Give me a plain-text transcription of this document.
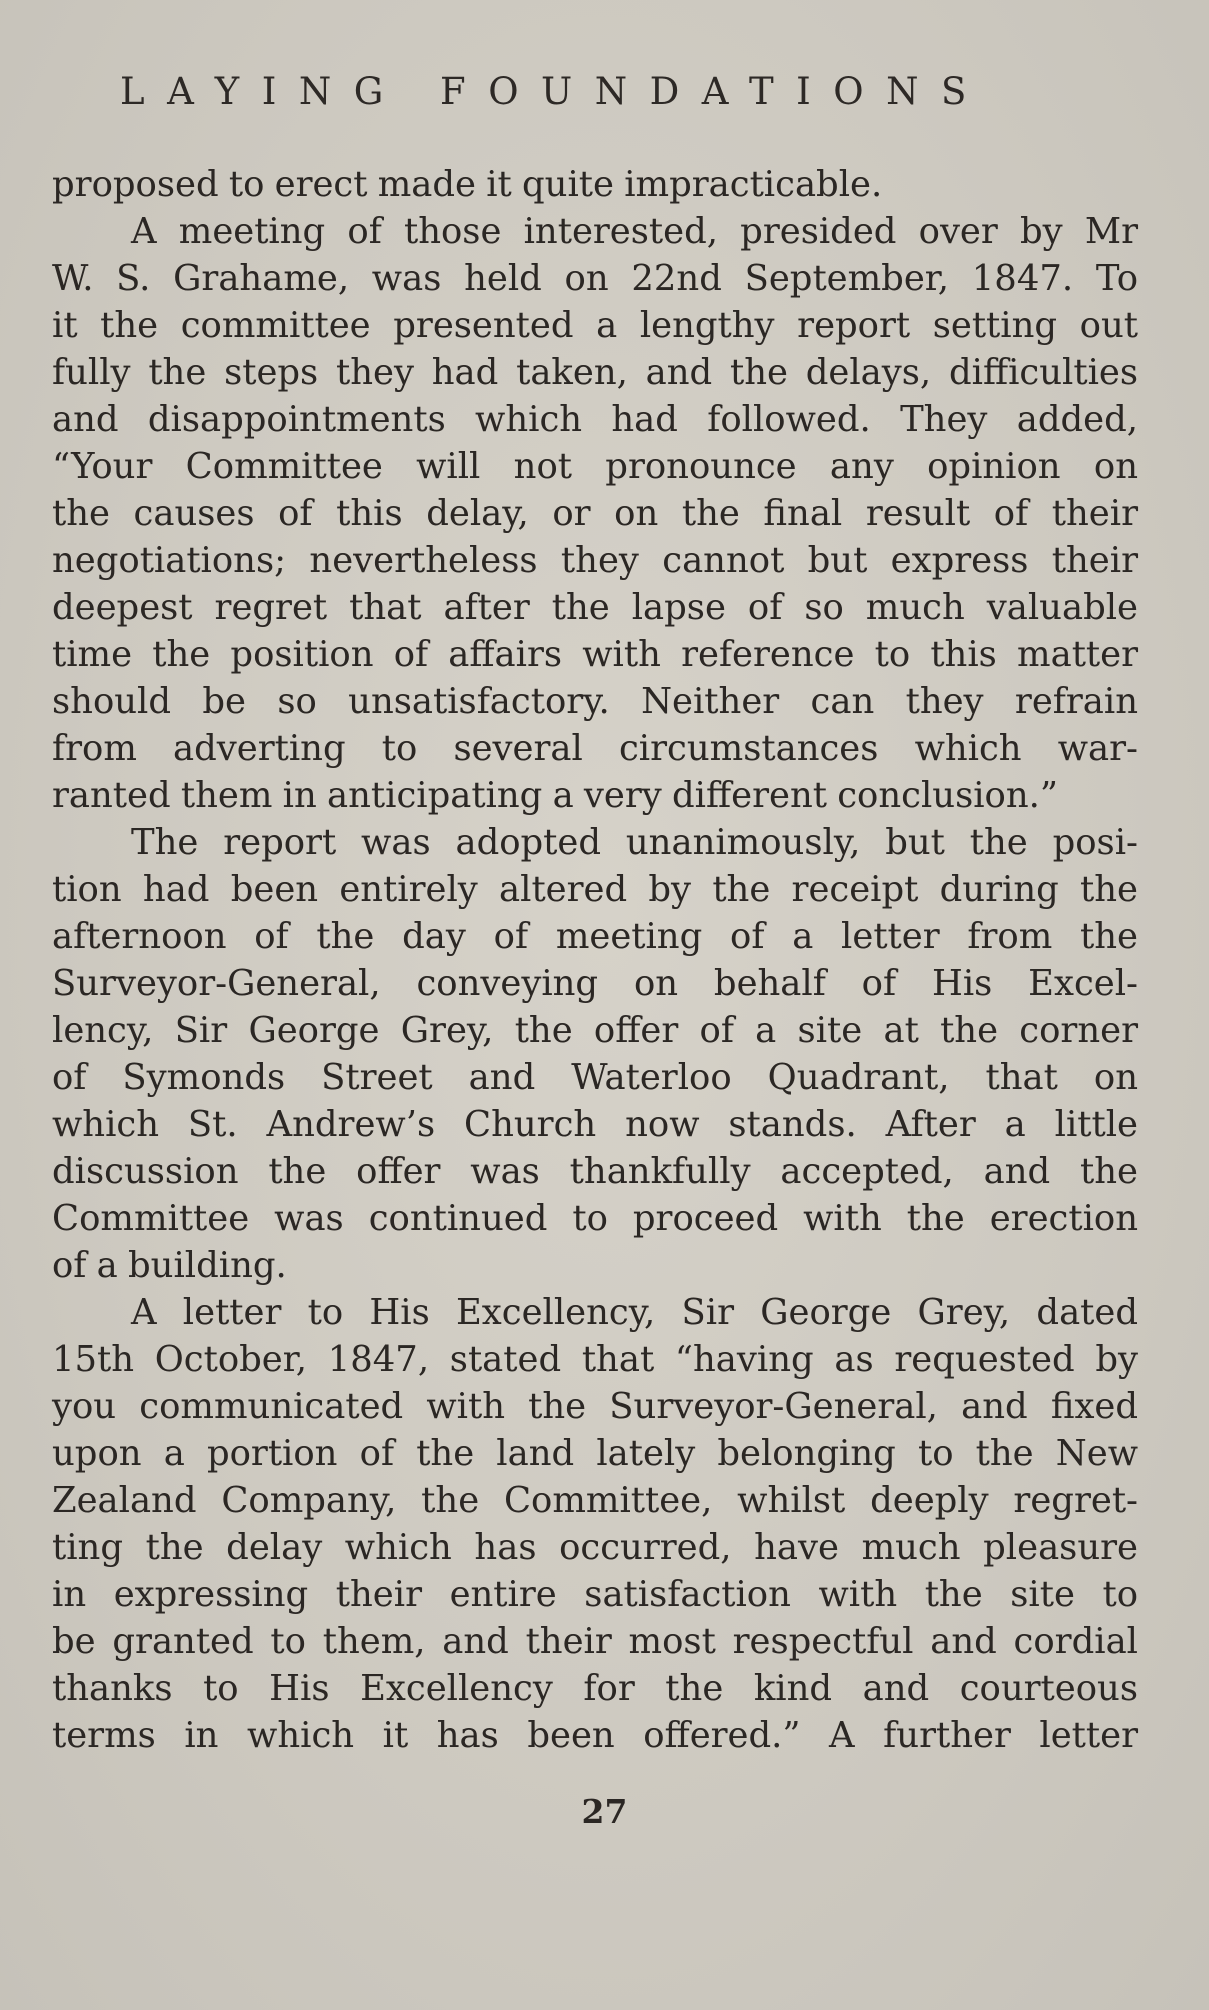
LAYING FOUNDATIONS
proposed to erect made it quite impracticable.
A meeting of those interested, presided over by Mr
W. S. Grahame, was held on 22nd September, 1847. To
it the committee presented a lengthy report setting out
fully the steps they had taken, and the delays, difficulties
and disappointments which had followed. They added,
“Your Committee will not pronounce any opinion on
the causes of this delay, or on the final result of their
negotiations; nevertheless they cannot but express their
deepest regret that after the lapse of so much valuable
time the position of affairs with reference to this matter
should be so unsatisfactory. Neither can they refrain
from adverting to several circumstances which war-
ranted them in anticipating a very different conclusion.”
The report was adopted unanimously, but the posi-
tion had been entirely altered by the receipt during the
afternoon of the day of meeting of a letter from the
Surveyor-General, conveying on behalf of His Excel-
lency, Sir George Grey, the offer of a site at the corner
of Symonds Street and Waterloo Quadrant, that on
which St. Andrew’s Church now stands. After a little
discussion the offer was thankfully accepted, and the
Committee was continued to proceed with the erection
of a building.
A letter to His Excellency, Sir George Grey, dated
15th October, 1847, stated that “having as requested by
you communicated with the Surveyor-General, and fixed
upon a portion of the land lately belonging to the New
Zealand Company, the Committee, whilst deeply regret-
ting the delay which has occurred, have much pleasure
in expressing their entire satisfaction with the site to
be granted to them, and their most respectful and cordial
thanks to His Excellency for the kind and courteous
terms in which it has been offered.” A further letter
27
